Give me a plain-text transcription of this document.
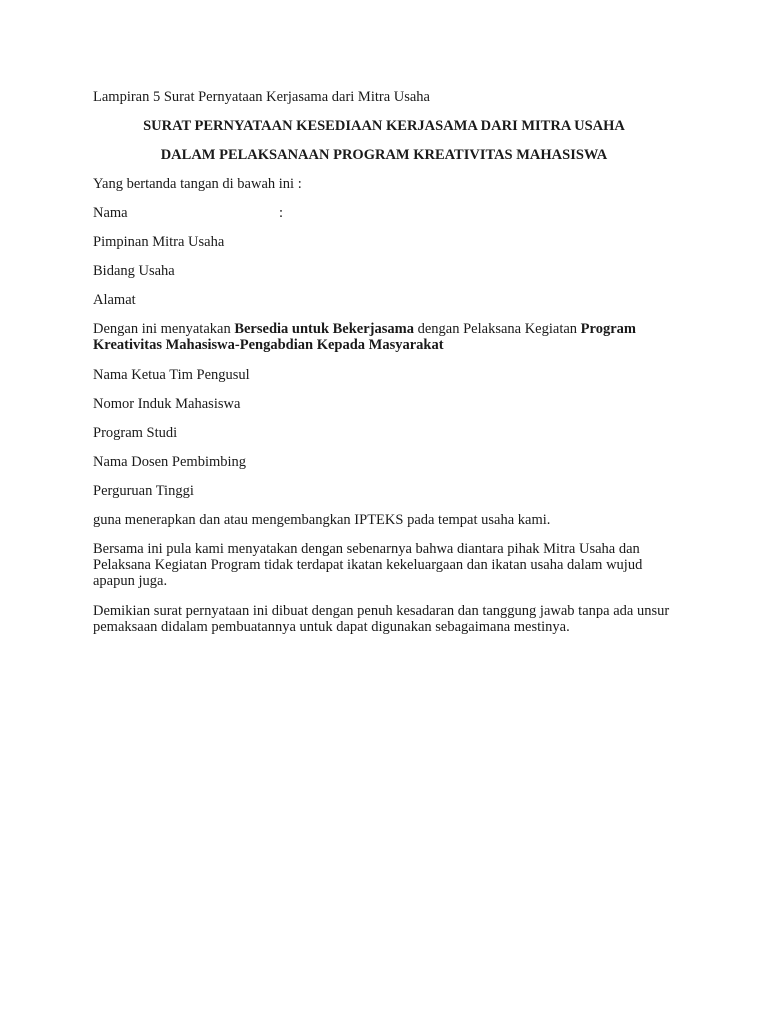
Lampiran 5 Surat Pernyataan Kerjasama dari Mitra Usaha

SURAT PERNYATAAN KESEDIAAN KERJASAMA DARI MITRA USAHA

DALAM PELAKSANAAN PROGRAM KREATIVITAS MAHASISWA

Yang bertanda tangan di bawah ini :

Nama	:

Pimpinan Mitra Usaha

Bidang Usaha

Alamat

Dengan ini menyatakan Bersedia untuk Bekerjasama dengan Pelaksana Kegiatan Program Kreativitas Mahasiswa-Pengabdian Kepada Masyarakat

Nama Ketua Tim Pengusul

Nomor Induk Mahasiswa

Program Studi

Nama Dosen Pembimbing

Perguruan Tinggi

guna menerapkan dan atau mengembangkan IPTEKS pada tempat usaha kami.

Bersama ini pula kami menyatakan dengan sebenarnya bahwa diantara pihak Mitra Usaha dan Pelaksana Kegiatan Program tidak terdapat ikatan kekeluargaan dan ikatan usaha dalam wujud apapun juga.

Demikian surat pernyataan ini dibuat dengan penuh kesadaran dan tanggung jawab tanpa ada unsur pemaksaan didalam pembuatannya untuk dapat digunakan sebagaimana mestinya.
